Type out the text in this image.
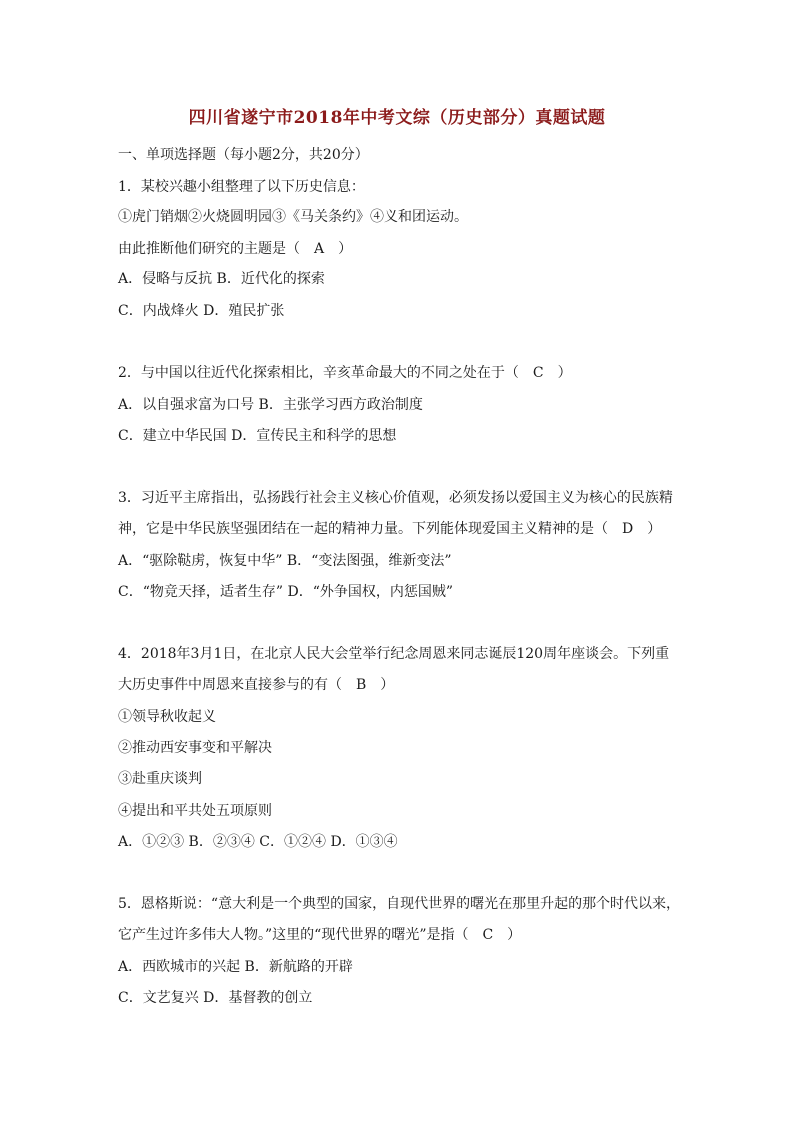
四川省遂宁市2018年中考文综（历史部分）真题试题
一、单项选择题（每小题2分，共20分）
1．某校兴趣小组整理了以下历史信息：
①虎门销烟②火烧圆明园③《马关条约》④义和团运动。
由此推断他们研究的主题是（　A　）
A．侵略与反抗 B．近代化的探索
C．内战烽火 D．殖民扩张
2．与中国以往近代化探索相比，辛亥革命最大的不同之处在于（　C　）
A．以自强求富为口号 B．主张学习西方政治制度
C．建立中华民国 D．宣传民主和科学的思想
3．习近平主席指出，弘扬践行社会主义核心价值观，必须发扬以爱国主义为核心的民族精
神，它是中华民族坚强团结在一起的精神力量。下列能体现爱国主义精神的是（　D　）
A．“驱除鞑虏，恢复中华” B．“变法图强，维新变法”
C．“物竞天择，适者生存” D．“外争国权，内惩国贼”
4．2018年3月1日，在北京人民大会堂举行纪念周恩来同志诞辰120周年座谈会。下列重
大历史事件中周恩来直接参与的有（　B　）
①领导秋收起义
②推动西安事变和平解决
③赴重庆谈判
④提出和平共处五项原则
A．①②③ B．②③④ C．①②④ D．①③④
5．恩格斯说：“意大利是一个典型的国家，自现代世界的曙光在那里升起的那个时代以来，
它产生过许多伟大人物。”这里的“现代世界的曙光”是指（　C　）
A．西欧城市的兴起 B．新航路的开辟
C．文艺复兴 D．基督教的创立
